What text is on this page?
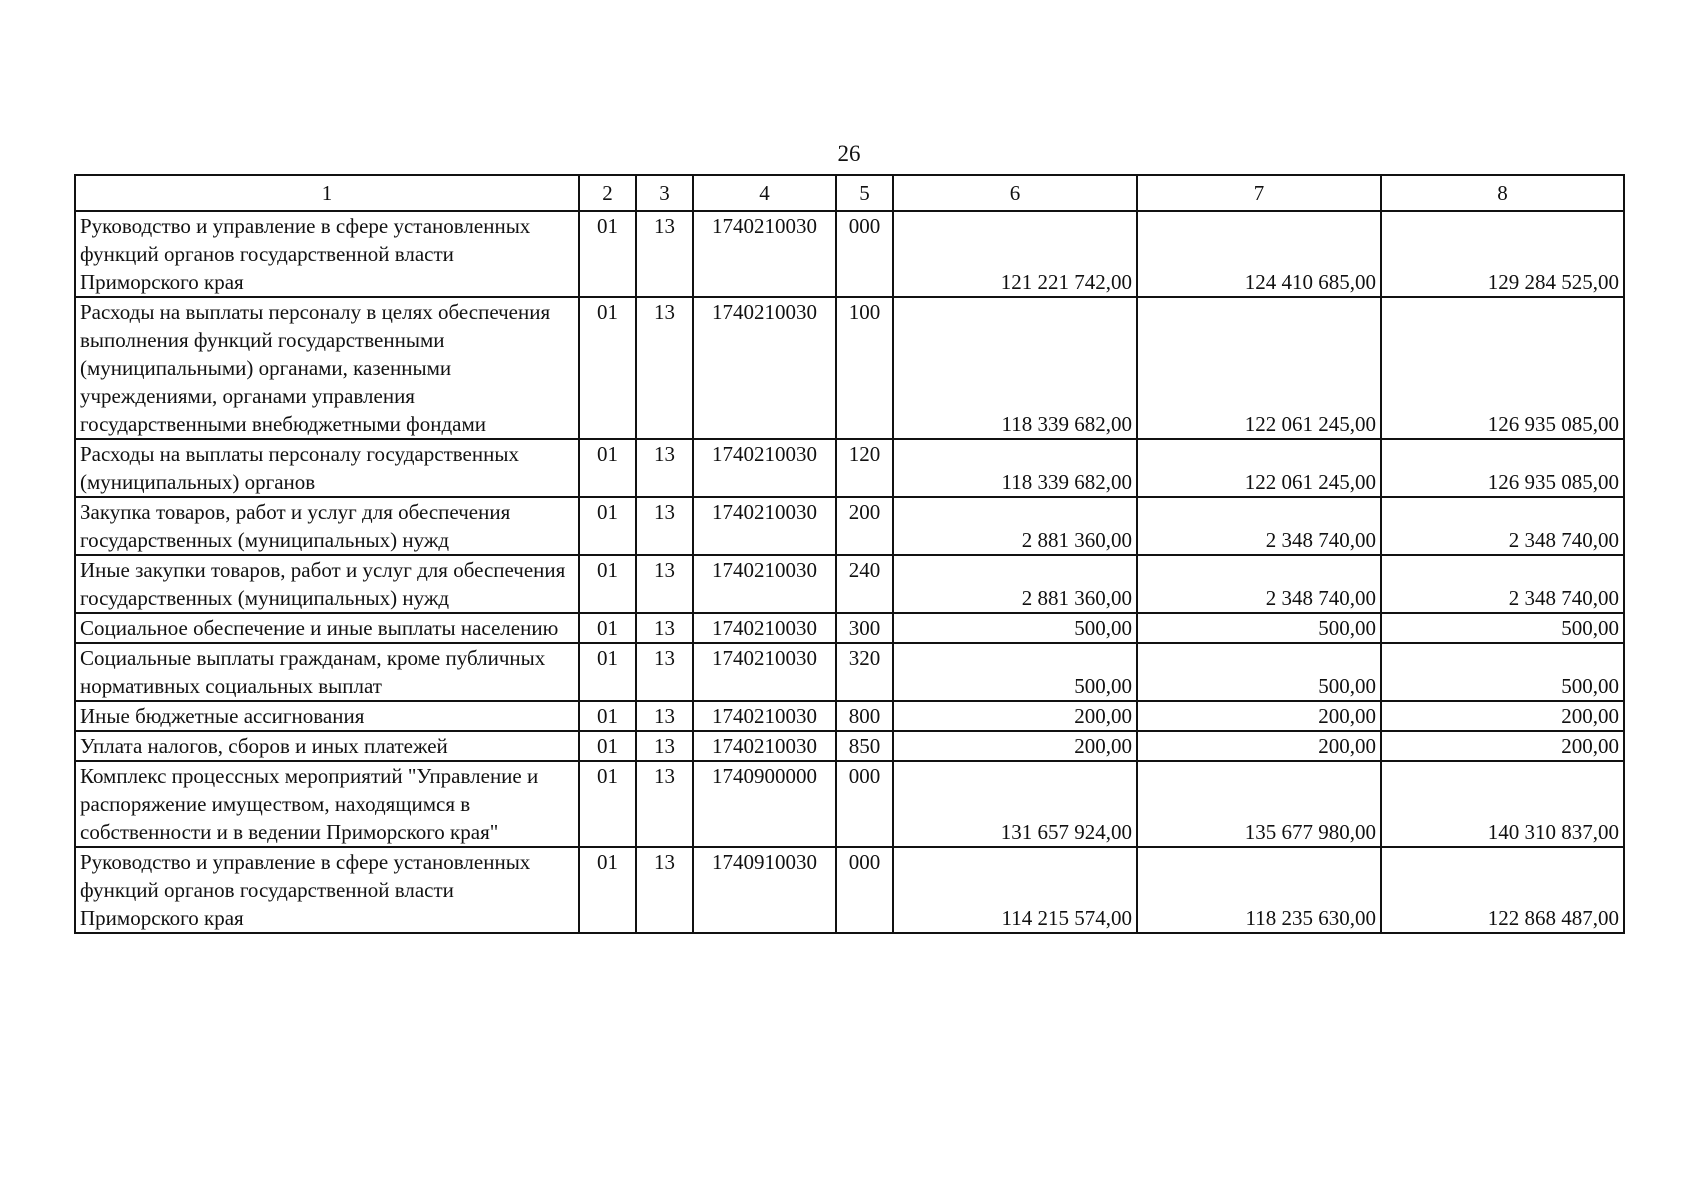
26
1	2	3	4	5	6	7	8
Руководство и управление в сфере установленных функций органов государственной власти Приморского края	01	13	1740210030	000	121 221 742,00	124 410 685,00	129 284 525,00
Расходы на выплаты персоналу в целях обеспечения выполнения функций государственными (муниципальными) органами, казенными учреждениями, органами управления государственными внебюджетными фондами	01	13	1740210030	100	118 339 682,00	122 061 245,00	126 935 085,00
Расходы на выплаты персоналу государственных (муниципальных) органов	01	13	1740210030	120	118 339 682,00	122 061 245,00	126 935 085,00
Закупка товаров, работ и услуг для обеспечения государственных (муниципальных) нужд	01	13	1740210030	200	2 881 360,00	2 348 740,00	2 348 740,00
Иные закупки товаров, работ и услуг для обеспечения государственных (муниципальных) нужд	01	13	1740210030	240	2 881 360,00	2 348 740,00	2 348 740,00
Социальное обеспечение и иные выплаты населению	01	13	1740210030	300	500,00	500,00	500,00
Социальные выплаты гражданам, кроме публичных нормативных социальных выплат	01	13	1740210030	320	500,00	500,00	500,00
Иные бюджетные ассигнования	01	13	1740210030	800	200,00	200,00	200,00
Уплата налогов, сборов и иных платежей	01	13	1740210030	850	200,00	200,00	200,00
Комплекс процессных мероприятий "Управление и распоряжение имуществом, находящимся в собственности и в ведении Приморского края"	01	13	1740900000	000	131 657 924,00	135 677 980,00	140 310 837,00
Руководство и управление в сфере установленных функций органов государственной власти Приморского края	01	13	1740910030	000	114 215 574,00	118 235 630,00	122 868 487,00
